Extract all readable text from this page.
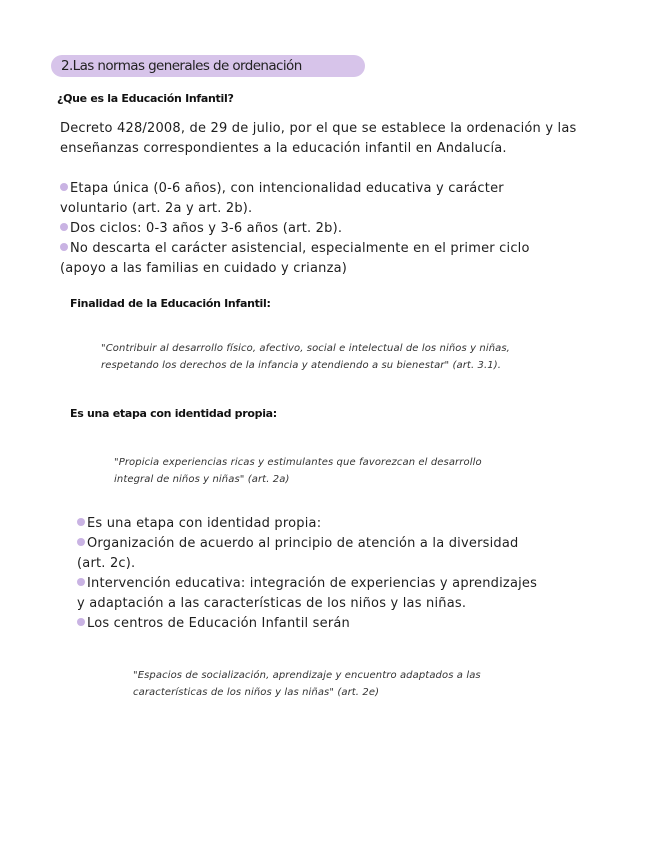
2.Las normas generales de ordenación
¿Que es la Educación Infantil?
Decreto 428/2008, de 29 de julio, por el que se establece la ordenación y las
enseñanzas correspondientes a la educación infantil en Andalucía.
Etapa única (0-6 años), con intencionalidad educativa y carácter
voluntario (art. 2a y art. 2b).
Dos ciclos: 0-3 años y 3-6 años (art. 2b).
No descarta el carácter asistencial, especialmente en el primer ciclo
(apoyo a las familias en cuidado y crianza)
Finalidad de la Educación Infantil:
"Contribuir al desarrollo físico, afectivo, social e intelectual de los niños y niñas,
respetando los derechos de la infancia y atendiendo a su bienestar" (art. 3.1).
Es una etapa con identidad propia:
"Propicia experiencias ricas y estimulantes que favorezcan el desarrollo
integral de niños y niñas" (art. 2a)
Es una etapa con identidad propia:
Organización de acuerdo al principio de atención a la diversidad
(art. 2c).
Intervención educativa: integración de experiencias y aprendizajes
y adaptación a las características de los niños y las niñas.
Los centros de Educación Infantil serán
"Espacios de socialización, aprendizaje y encuentro adaptados a las
características de los niños y las niñas" (art. 2e)
